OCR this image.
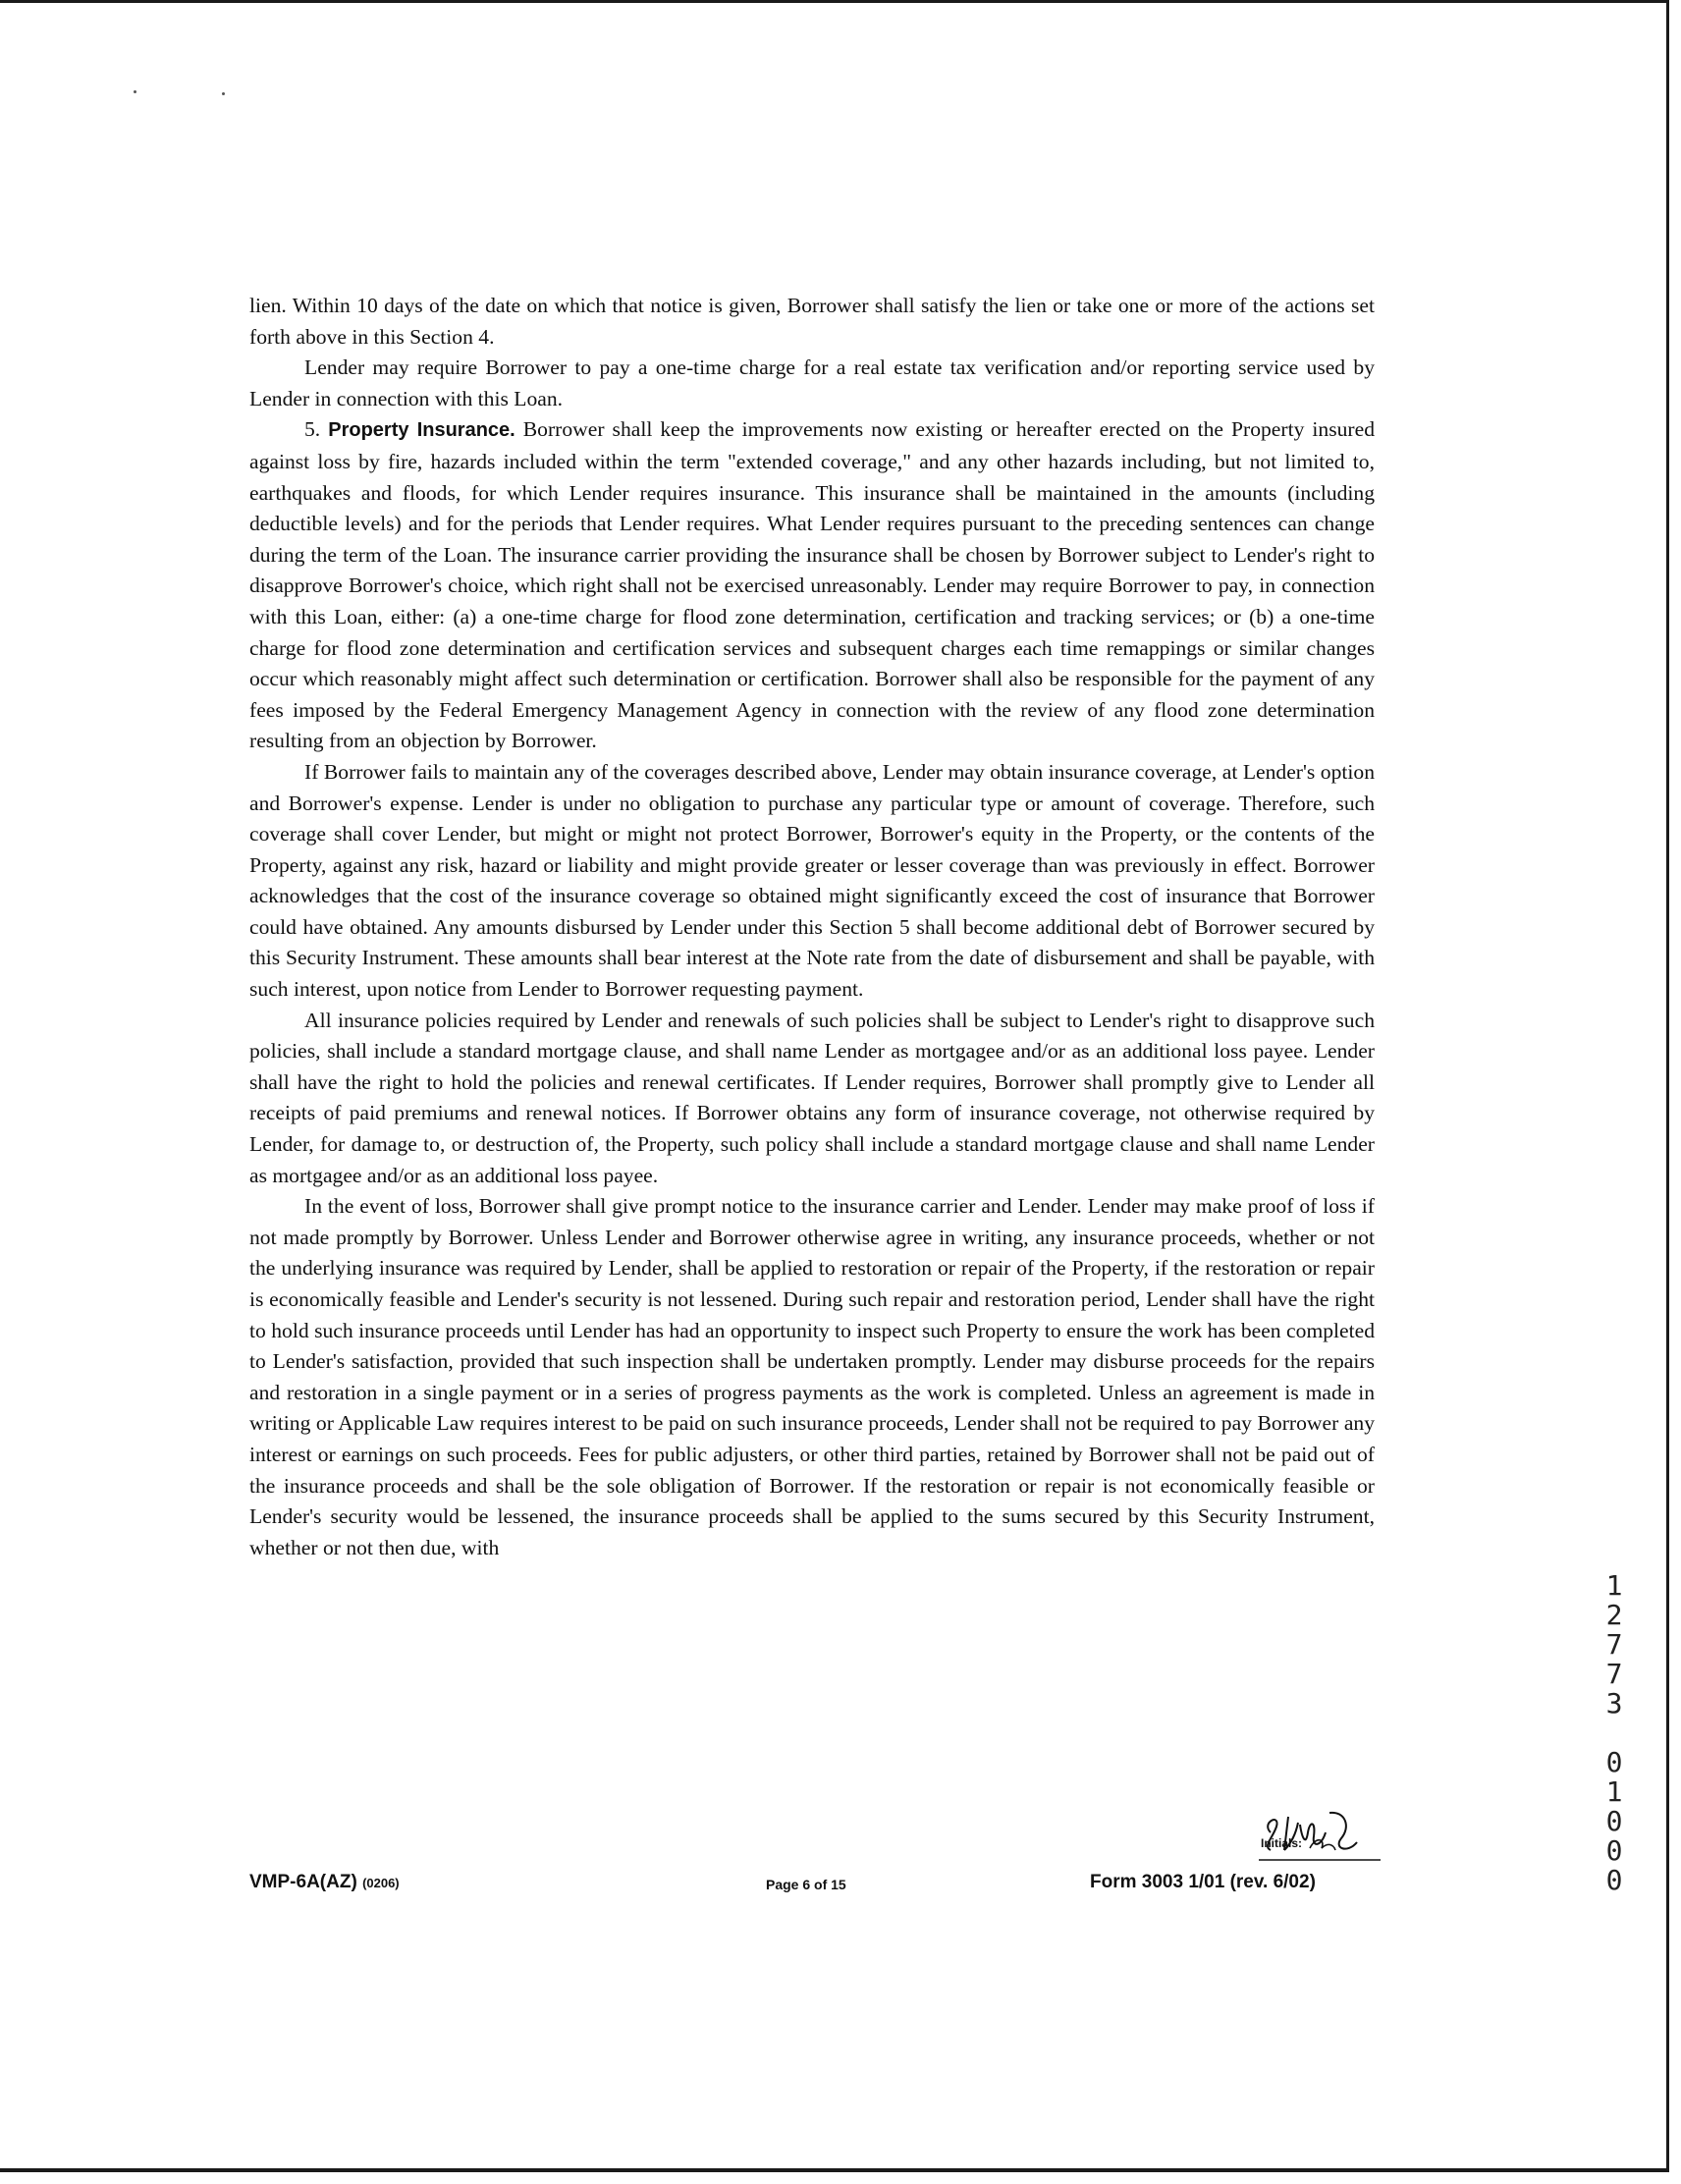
lien. Within 10 days of the date on which that notice is given, Borrower shall satisfy the lien or take one or more of the actions set forth above in this Section 4.

Lender may require Borrower to pay a one-time charge for a real estate tax verification and/or reporting service used by Lender in connection with this Loan.

5. Property Insurance. Borrower shall keep the improvements now existing or hereafter erected on the Property insured against loss by fire, hazards included within the term "extended coverage," and any other hazards including, but not limited to, earthquakes and floods, for which Lender requires insurance. This insurance shall be maintained in the amounts (including deductible levels) and for the periods that Lender requires. What Lender requires pursuant to the preceding sentences can change during the term of the Loan. The insurance carrier providing the insurance shall be chosen by Borrower subject to Lender's right to disapprove Borrower's choice, which right shall not be exercised unreasonably. Lender may require Borrower to pay, in connection with this Loan, either: (a) a one-time charge for flood zone determination, certification and tracking services; or (b) a one-time charge for flood zone determination and certification services and subsequent charges each time remappings or similar changes occur which reasonably might affect such determination or certification. Borrower shall also be responsible for the payment of any fees imposed by the Federal Emergency Management Agency in connection with the review of any flood zone determination resulting from an objection by Borrower.

If Borrower fails to maintain any of the coverages described above, Lender may obtain insurance coverage, at Lender's option and Borrower's expense. Lender is under no obligation to purchase any particular type or amount of coverage. Therefore, such coverage shall cover Lender, but might or might not protect Borrower, Borrower's equity in the Property, or the contents of the Property, against any risk, hazard or liability and might provide greater or lesser coverage than was previously in effect. Borrower acknowledges that the cost of the insurance coverage so obtained might significantly exceed the cost of insurance that Borrower could have obtained. Any amounts disbursed by Lender under this Section 5 shall become additional debt of Borrower secured by this Security Instrument. These amounts shall bear interest at the Note rate from the date of disbursement and shall be payable, with such interest, upon notice from Lender to Borrower requesting payment.

All insurance policies required by Lender and renewals of such policies shall be subject to Lender's right to disapprove such policies, shall include a standard mortgage clause, and shall name Lender as mortgagee and/or as an additional loss payee. Lender shall have the right to hold the policies and renewal certificates. If Lender requires, Borrower shall promptly give to Lender all receipts of paid premiums and renewal notices. If Borrower obtains any form of insurance coverage, not otherwise required by Lender, for damage to, or destruction of, the Property, such policy shall include a standard mortgage clause and shall name Lender as mortgagee and/or as an additional loss payee.

In the event of loss, Borrower shall give prompt notice to the insurance carrier and Lender. Lender may make proof of loss if not made promptly by Borrower. Unless Lender and Borrower otherwise agree in writing, any insurance proceeds, whether or not the underlying insurance was required by Lender, shall be applied to restoration or repair of the Property, if the restoration or repair is economically feasible and Lender's security is not lessened. During such repair and restoration period, Lender shall have the right to hold such insurance proceeds until Lender has had an opportunity to inspect such Property to ensure the work has been completed to Lender's satisfaction, provided that such inspection shall be undertaken promptly. Lender may disburse proceeds for the repairs and restoration in a single payment or in a series of progress payments as the work is completed. Unless an agreement is made in writing or Applicable Law requires interest to be paid on such insurance proceeds, Lender shall not be required to pay Borrower any interest or earnings on such proceeds. Fees for public adjusters, or other third parties, retained by Borrower shall not be paid out of the insurance proceeds and shall be the sole obligation of Borrower. If the restoration or repair is not economically feasible or Lender's security would be lessened, the insurance proceeds shall be applied to the sums secured by this Security Instrument, whether or not then due, with

Initials:
VMP-6A(AZ) (0206)	Page 6 of 15	Form 3003 1/01 (rev. 6/02)
1
2
7
7
3
0
1
0
0
0
